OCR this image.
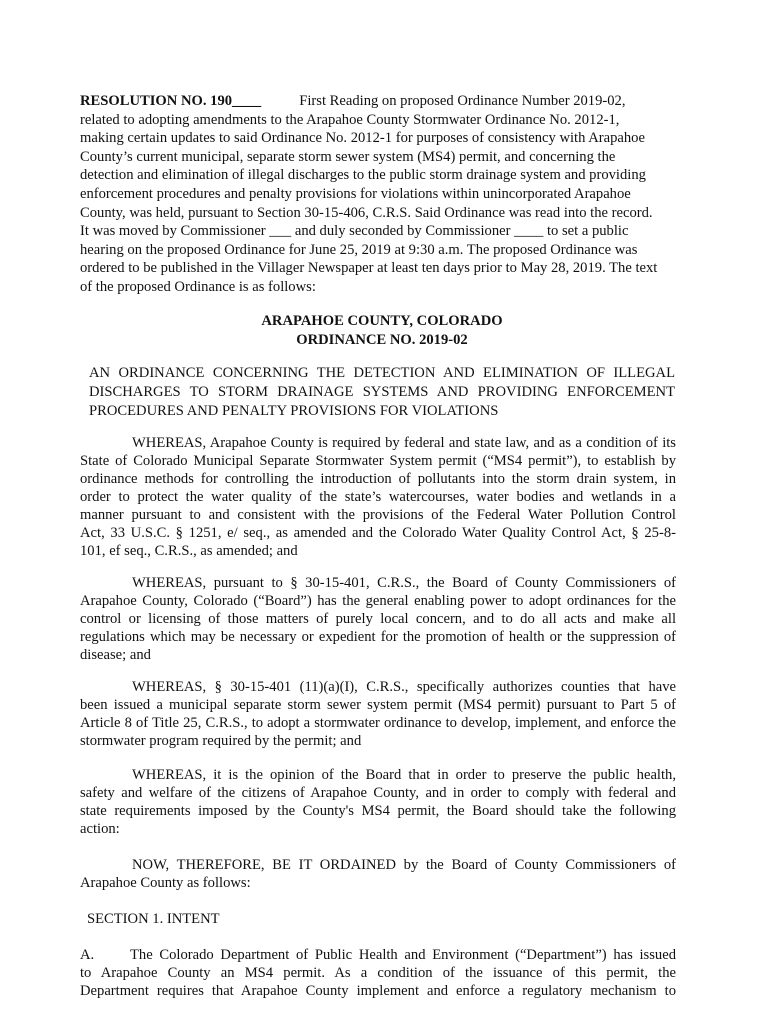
RESOLUTION NO. 190____	First Reading on proposed Ordinance Number 2019-02,
related to adopting amendments to the Arapahoe County Stormwater Ordinance No. 2012-1,
making certain updates to said Ordinance No. 2012-1 for purposes of consistency with Arapahoe
County’s current municipal, separate storm sewer system (MS4) permit, and concerning the
detection and elimination of illegal discharges to the public storm drainage system and providing
enforcement procedures and penalty provisions for violations within unincorporated Arapahoe
County, was held, pursuant to Section 30-15-406, C.R.S. Said Ordinance was read into the record.
It was moved by Commissioner ___ and duly seconded by Commissioner ____ to set a public
hearing on the proposed Ordinance for June 25, 2019 at 9:30 a.m. The proposed Ordinance was
ordered to be published in the Villager Newspaper at least ten days prior to May 28, 2019. The text
of the proposed Ordinance is as follows:
ARAPAHOE COUNTY, COLORADO
ORDINANCE NO. 2019-02
AN ORDINANCE CONCERNING THE DETECTION AND ELIMINATION OF ILLEGAL
DISCHARGES TO STORM DRAINAGE SYSTEMS AND PROVIDING ENFORCEMENT
PROCEDURES AND PENALTY PROVISIONS FOR VIOLATIONS
WHEREAS, Arapahoe County is required by federal and state law, and as a condition of its
State of Colorado Municipal Separate Stormwater System permit (“MS4 permit”), to establish by
ordinance methods for controlling the introduction of pollutants into the storm drain system, in
order to protect the water quality of the state’s watercourses, water bodies and wetlands in a
manner pursuant to and consistent with the provisions of the Federal Water Pollution Control
Act, 33 U.S.C. § 1251, e/ seq., as amended and the Colorado Water Quality Control Act, § 25-8-
101, ef seq., C.R.S., as amended; and
WHEREAS, pursuant to § 30-15-401, C.R.S., the Board of County Commissioners of
Arapahoe County, Colorado (“Board”) has the general enabling power to adopt ordinances for the
control or licensing of those matters of purely local concern, and to do all acts and make all
regulations which may be necessary or expedient for the promotion of health or the suppression of
disease; and
WHEREAS, § 30-15-401 (11)(a)(I), C.R.S., specifically authorizes counties that have
been issued a municipal separate storm sewer system permit (MS4 permit) pursuant to Part 5 of
Article 8 of Title 25, C.R.S., to adopt a stormwater ordinance to develop, implement, and enforce the
stormwater program required by the permit; and
WHEREAS, it is the opinion of the Board that in order to preserve the public health,
safety and welfare of the citizens of Arapahoe County, and in order to comply with federal and
state requirements imposed by the County's MS4 permit, the Board should take the following
action:
NOW, THEREFORE, BE IT ORDAINED by the Board of County Commissioners of
Arapahoe County as follows:
SECTION 1. INTENT
A. The Colorado Department of Public Health and Environment (“Department”) has issued
to Arapahoe County an MS4 permit. As a condition of the issuance of this permit, the
Department requires that Arapahoe County implement and enforce a regulatory mechanism to
